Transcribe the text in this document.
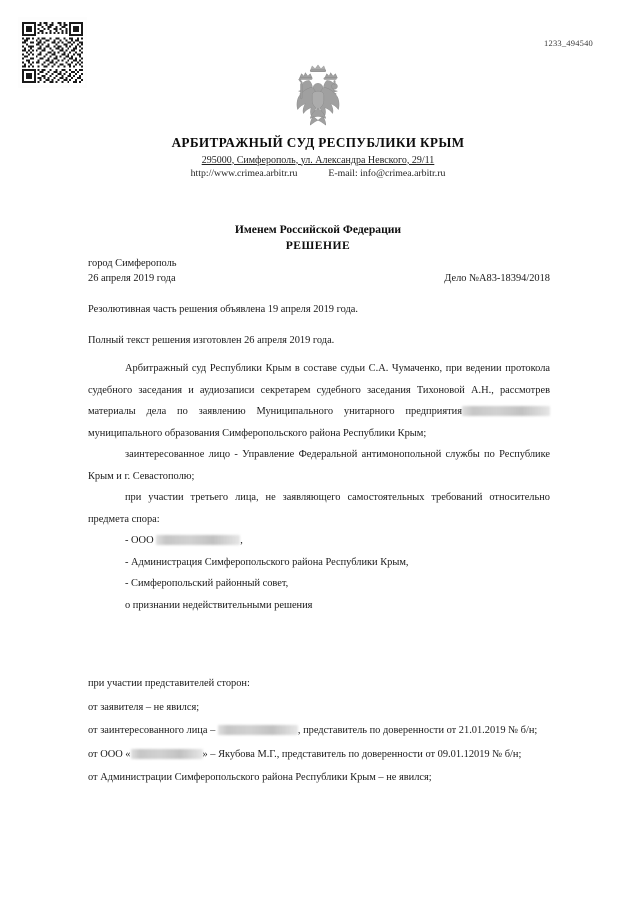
1233_494540
АРБИТРАЖНЫЙ СУД РЕСПУБЛИКИ КРЫМ
295000, Симферополь, ул. Александра Невского, 29/11
http://www.crimea.arbitr.ru	E-mail: info@crimea.arbitr.ru
Именем Российской Федерации
РЕШЕНИЕ
город Симферополь
26 апреля 2019 года	Дело №А83-18394/2018

Резолютивная часть решения объявлена 19 апреля 2019 года.

Полный текст решения изготовлен 26 апреля 2019 года.

Арбитражный суд Республики Крым в составе судьи С.А. Чумаченко, при ведении протокола судебного заседания и аудиозаписи секретарем судебного заседания Тихоновой А.Н., рассмотрев материалы дела по заявлению Муниципального унитарного предприятия муниципального образования Симферопольского района Республики Крым;

заинтересованное лицо - Управление Федеральной антимонопольной службы по Республике Крым и г. Севастополю;

при участии третьего лица, не заявляющего самостоятельных требований относительно предмета спора:

- ООО	,

- Администрация Симферопольского района Республики Крым,

- Симферопольский районный совет,

о признании недействительными решения

при участии представителей сторон:

от заявителя – не явился;

от заинтересованного лица –	, представитель по доверенности от 21.01.2019 № б/н;

от ООО «	» – Якубова М.Г., представитель по доверенности от 09.01.12019 № б/н;

от Администрации Симферопольского района Республики Крым – не явился;
